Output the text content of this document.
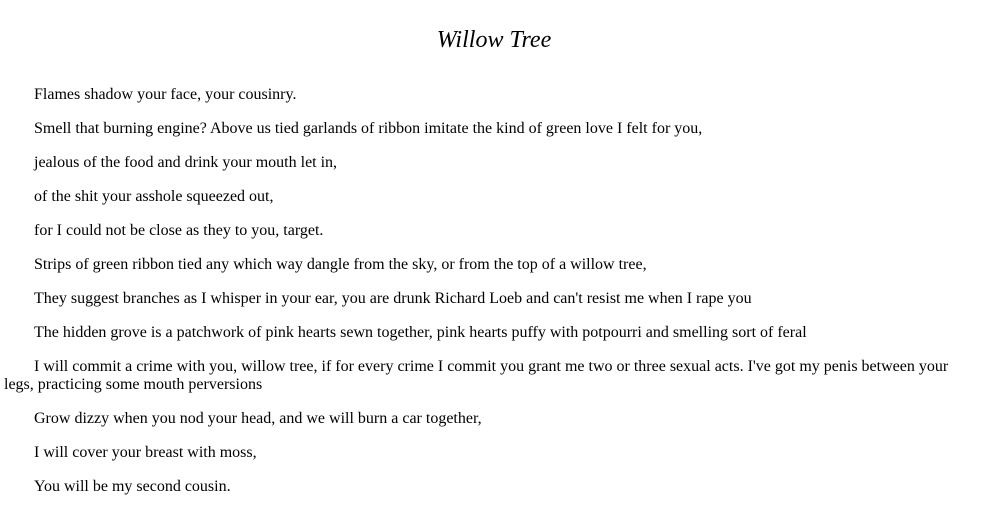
Willow Tree

Flames shadow your face, your cousinry.

Smell that burning engine? Above us tied garlands of ribbon imitate the kind of green love I felt for you,

jealous of the food and drink your mouth let in,

of the shit your asshole squeezed out,

for I could not be close as they to you, target.

Strips of green ribbon tied any which way dangle from the sky, or from the top of a willow tree,

They suggest branches as I whisper in your ear, you are drunk Richard Loeb and can't resist me when I rape you

The hidden grove is a patchwork of pink hearts sewn together, pink hearts puffy with potpourri and smelling sort of feral

I will commit a crime with you, willow tree, if for every crime I commit you grant me two or three sexual acts. I've got my penis between your legs, practicing some mouth perversions

Grow dizzy when you nod your head, and we will burn a car together,

I will cover your breast with moss,

You will be my second cousin.
